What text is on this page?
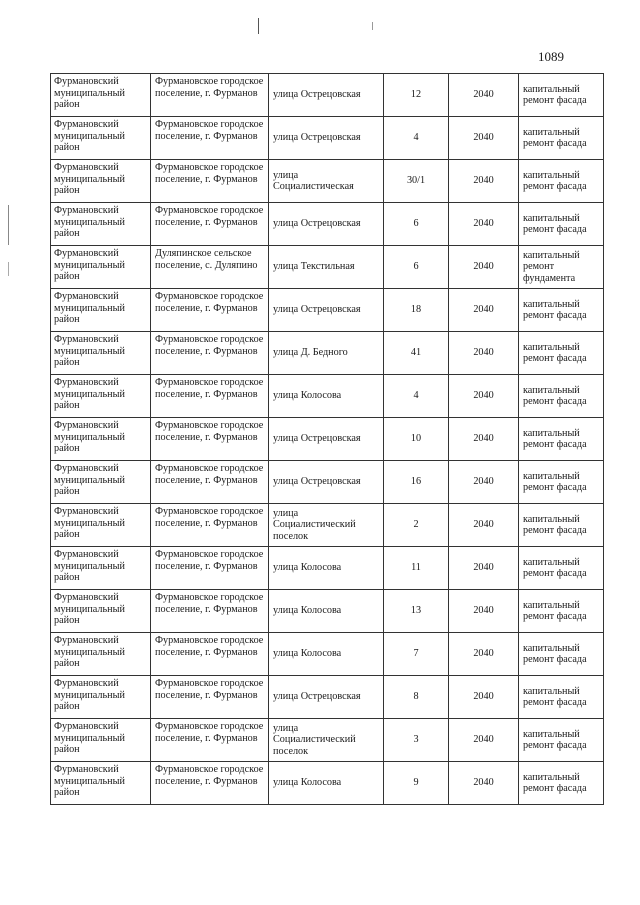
1089
Фурмановский муниципальный район	Фурмановское городское поселение, г. Фурманов	улица Острецовская	12	2040	капитальный ремонт фасада
Фурмановский муниципальный район	Фурмановское городское поселение, г. Фурманов	улица Острецовская	4	2040	капитальный ремонт фасада
Фурмановский муниципальный район	Фурмановское городское поселение, г. Фурманов	улица Социалистическая	30/1	2040	капитальный ремонт фасада
Фурмановский муниципальный район	Фурмановское городское поселение, г. Фурманов	улица Острецовская	6	2040	капитальный ремонт фасада
Фурмановский муниципальный район	Дуляпинское сельское поселение, с. Дуляпино	улица Текстильная	6	2040	капитальный ремонт фундамента
Фурмановский муниципальный район	Фурмановское городское поселение, г. Фурманов	улица Острецовская	18	2040	капитальный ремонт фасада
Фурмановский муниципальный район	Фурмановское городское поселение, г. Фурманов	улица Д. Бедного	41	2040	капитальный ремонт фасада
Фурмановский муниципальный район	Фурмановское городское поселение, г. Фурманов	улица Колосова	4	2040	капитальный ремонт фасада
Фурмановский муниципальный район	Фурмановское городское поселение, г. Фурманов	улица Острецовская	10	2040	капитальный ремонт фасада
Фурмановский муниципальный район	Фурмановское городское поселение, г. Фурманов	улица Острецовская	16	2040	капитальный ремонт фасада
Фурмановский муниципальный район	Фурмановское городское поселение, г. Фурманов	улица Социалистический поселок	2	2040	капитальный ремонт фасада
Фурмановский муниципальный район	Фурмановское городское поселение, г. Фурманов	улица Колосова	11	2040	капитальный ремонт фасада
Фурмановский муниципальный район	Фурмановское городское поселение, г. Фурманов	улица Колосова	13	2040	капитальный ремонт фасада
Фурмановский муниципальный район	Фурмановское городское поселение, г. Фурманов	улица Колосова	7	2040	капитальный ремонт фасада
Фурмановский муниципальный район	Фурмановское городское поселение, г. Фурманов	улица Острецовская	8	2040	капитальный ремонт фасада
Фурмановский муниципальный район	Фурмановское городское поселение, г. Фурманов	улица Социалистический поселок	3	2040	капитальный ремонт фасада
Фурмановский муниципальный район	Фурмановское городское поселение, г. Фурманов	улица Колосова	9	2040	капитальный ремонт фасада
